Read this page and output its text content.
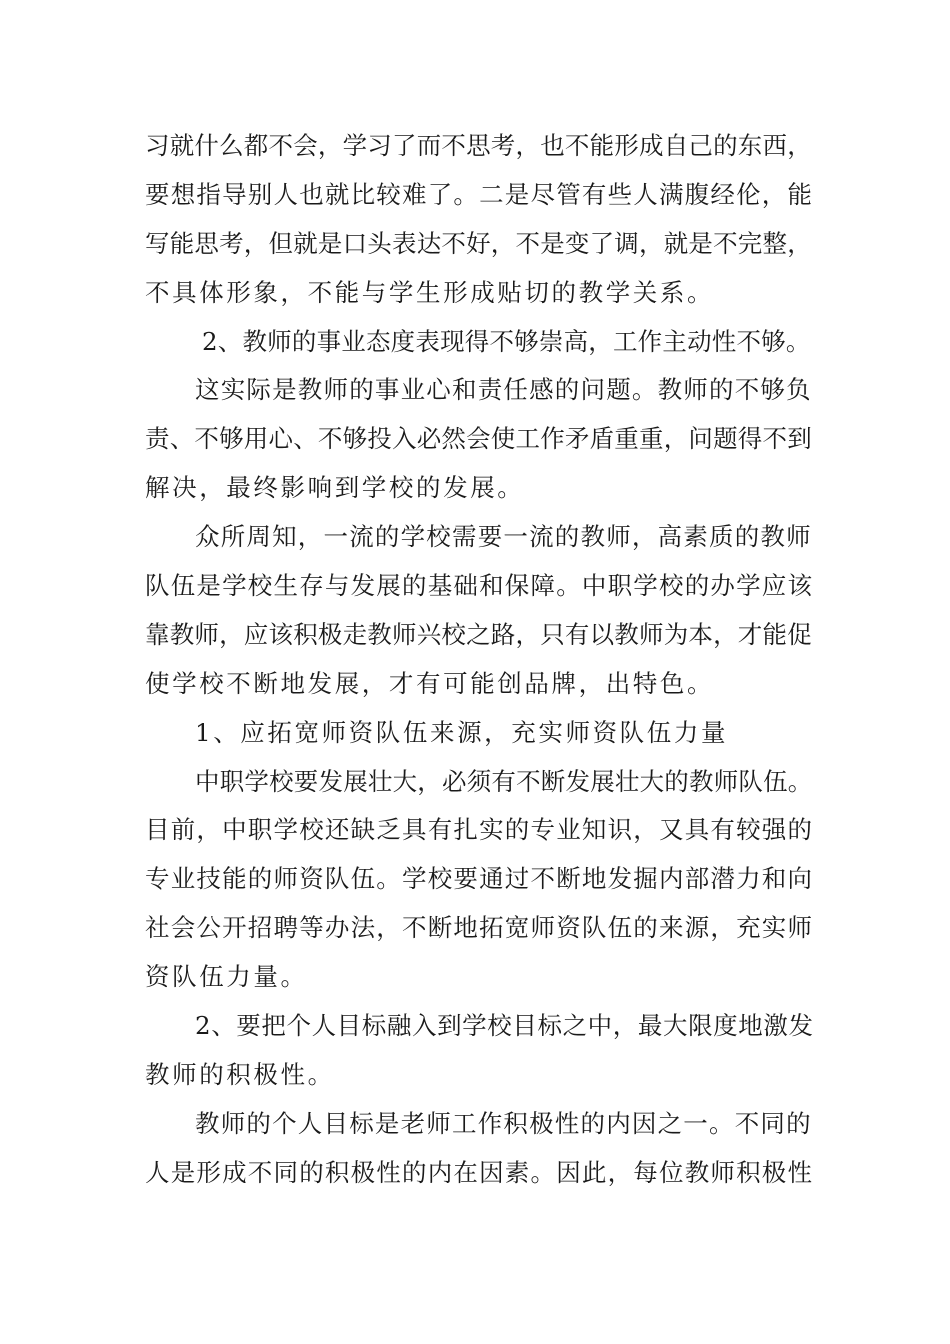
习就什么都不会，学习了而不思考，也不能形成自己的东西，
要想指导别人也就比较难了。二是尽管有些人满腹经伦，能
写能思考，但就是口头表达不好，不是变了调，就是不完整，
不具体形象，不能与学生形成贴切的教学关系。
2、教师的事业态度表现得不够崇高，工作主动性不够。
这实际是教师的事业心和责任感的问题。教师的不够负
责、不够用心、不够投入必然会使工作矛盾重重，问题得不到
解决，最终影响到学校的发展。
众所周知，一流的学校需要一流的教师，高素质的教师
队伍是学校生存与发展的基础和保障。中职学校的办学应该
靠教师，应该积极走教师兴校之路，只有以教师为本，才能促
使学校不断地发展，才有可能创品牌，出特色。
1、应拓宽师资队伍来源，充实师资队伍力量
中职学校要发展壮大，必须有不断发展壮大的教师队伍。
目前，中职学校还缺乏具有扎实的专业知识，又具有较强的
专业技能的师资队伍。学校要通过不断地发掘内部潜力和向
社会公开招聘等办法，不断地拓宽师资队伍的来源，充实师
资队伍力量。
2、要把个人目标融入到学校目标之中，最大限度地激发
教师的积极性。
教师的个人目标是老师工作积极性的内因之一。不同的
人是形成不同的积极性的内在因素。因此，每位教师积极性
